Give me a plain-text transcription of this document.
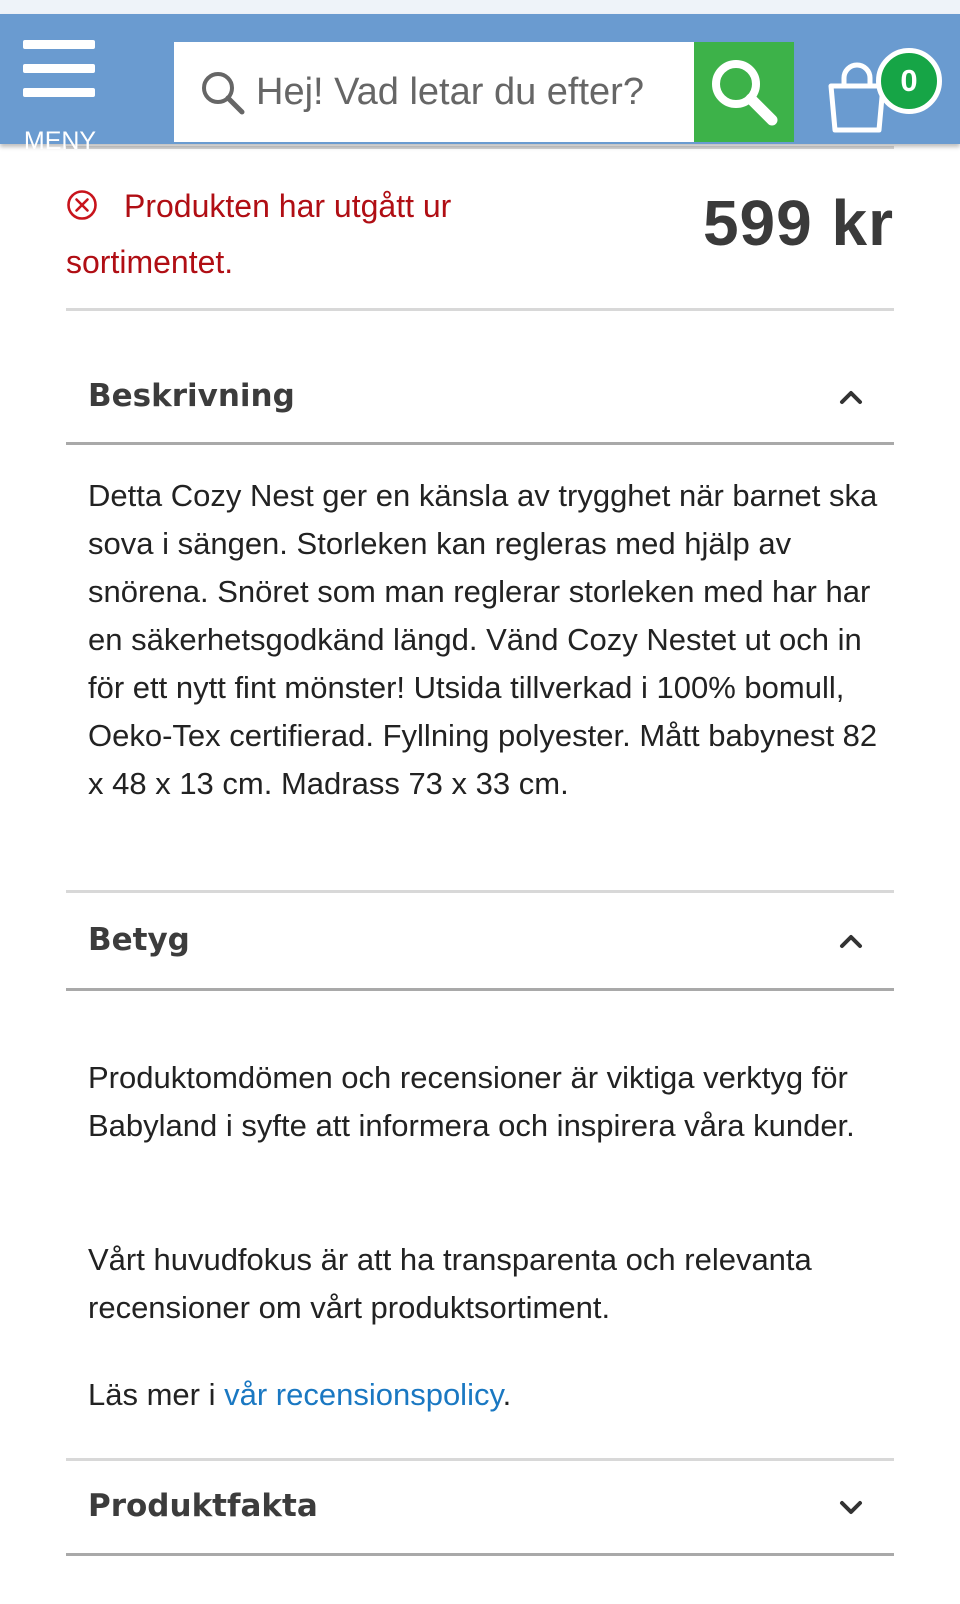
MENY
Hej! Vad letar du efter?
0
Produkten har utgått ur sortimentet.
599 kr
Beskrivning

Detta Cozy Nest ger en känsla av trygghet när barnet ska sova i sängen. Storleken kan regleras med hjälp av snörena. Snöret som man reglerar storleken med har har en säkerhetsgodkänd längd. Vänd Cozy Nestet ut och in för ett nytt fint mönster! Utsida tillverkad i 100% bomull, Oeko-Tex certifierad. Fyllning polyester. Mått babynest 82 x 48 x 13 cm. Madrass 73 x 33 cm.

Betyg

Produktomdömen och recensioner är viktiga verktyg för Babyland i syfte att informera och inspirera våra kunder.

Vårt huvudfokus är att ha transparenta och relevanta recensioner om vårt produktsortiment.

Läs mer i vår recensionspolicy.

Produktfakta
